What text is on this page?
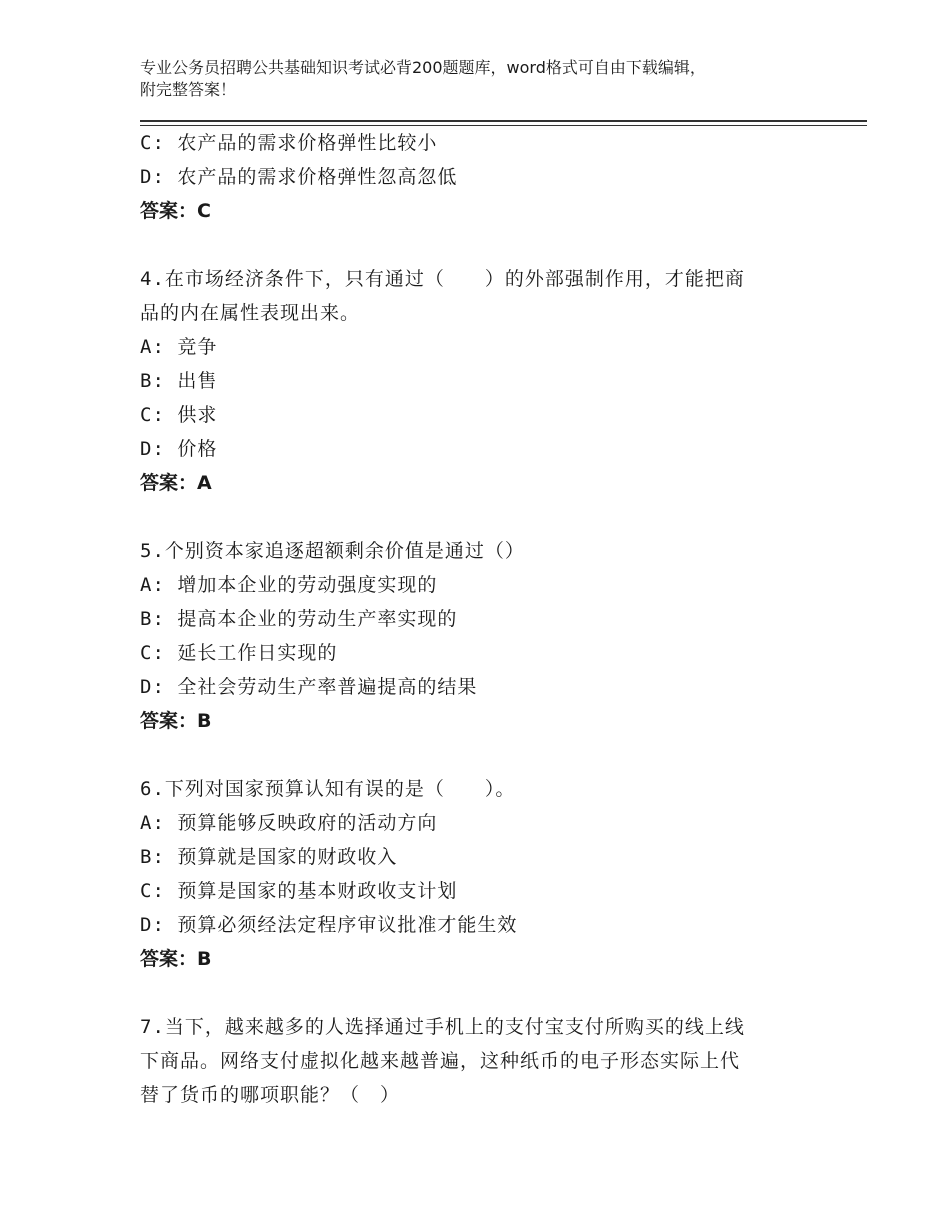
专业公务员招聘公共基础知识考试必背200题题库，word格式可自由下载编辑，
附完整答案！
C: 农产品的需求价格弹性比较小
D: 农产品的需求价格弹性忽高忽低
答案：C
4.在市场经济条件下，只有通过（　　）的外部强制作用，才能把商
品的内在属性表现出来。
A: 竞争
B: 出售
C: 供求
D: 价格
答案：A
5.个别资本家追逐超额剩余价值是通过（）
A: 增加本企业的劳动强度实现的
B: 提高本企业的劳动生产率实现的
C: 延长工作日实现的
D: 全社会劳动生产率普遍提高的结果
答案：B
6.下列对国家预算认知有误的是（　　）。
A: 预算能够反映政府的活动方向
B: 预算就是国家的财政收入
C: 预算是国家的基本财政收支计划
D: 预算必须经法定程序审议批准才能生效
答案：B
7.当下，越来越多的人选择通过手机上的支付宝支付所购买的线上线
下商品。网络支付虚拟化越来越普遍，这种纸币的电子形态实际上代
替了货币的哪项职能？（　）
